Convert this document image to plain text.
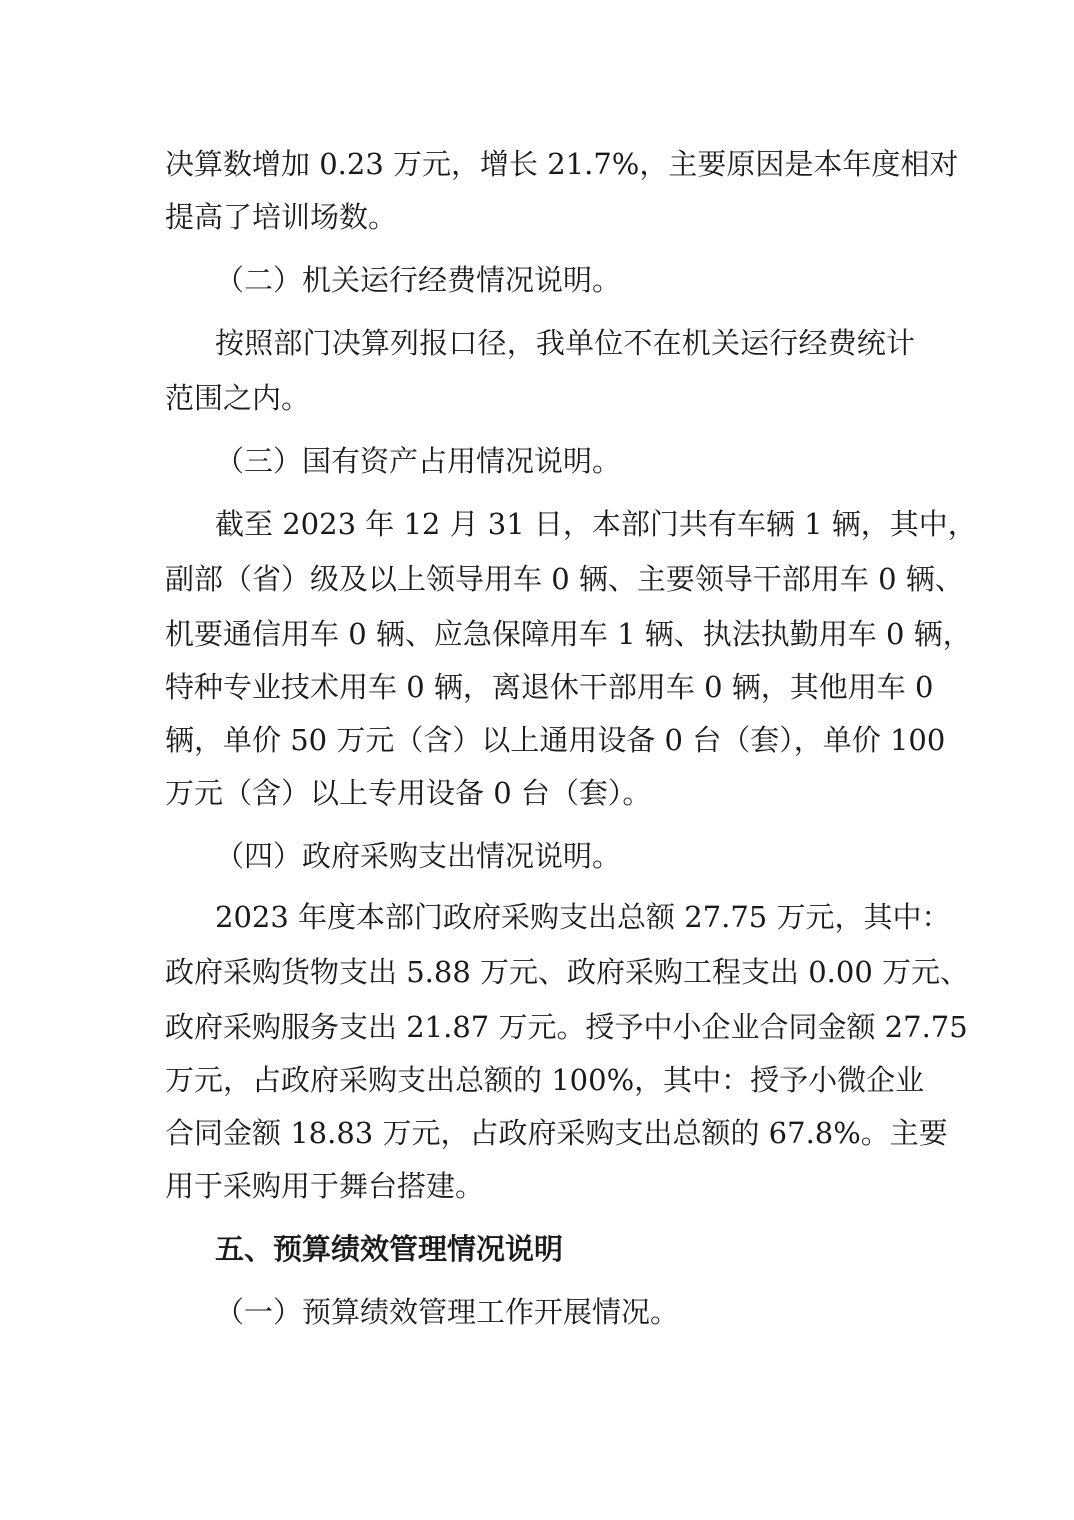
决算数增加 0.23 万元，增长 21.7%，主要原因是本年度相对
提高了培训场数。
（二）机关运行经费情况说明。
按照部门决算列报口径，我单位不在机关运行经费统计
范围之内。
（三）国有资产占用情况说明。
截至 2023 年 12 月 31 日，本部门共有车辆 1 辆，其中，
副部（省）级及以上领导用车 0 辆、主要领导干部用车 0 辆、
机要通信用车 0 辆、应急保障用车 1 辆、执法执勤用车 0 辆，
特种专业技术用车 0 辆，离退休干部用车 0 辆，其他用车 0
辆，单价 50 万元（含）以上通用设备 0 台（套），单价 100
万元（含）以上专用设备 0 台（套）。
（四）政府采购支出情况说明。
2023 年度本部门政府采购支出总额 27.75 万元，其中：
政府采购货物支出 5.88 万元、政府采购工程支出 0.00 万元、
政府采购服务支出 21.87 万元。授予中小企业合同金额 27.75
万元，占政府采购支出总额的 100%，其中：授予小微企业
合同金额 18.83 万元，占政府采购支出总额的 67.8%。主要
用于采购用于舞台搭建。
五、预算绩效管理情况说明
（一）预算绩效管理工作开展情况。
